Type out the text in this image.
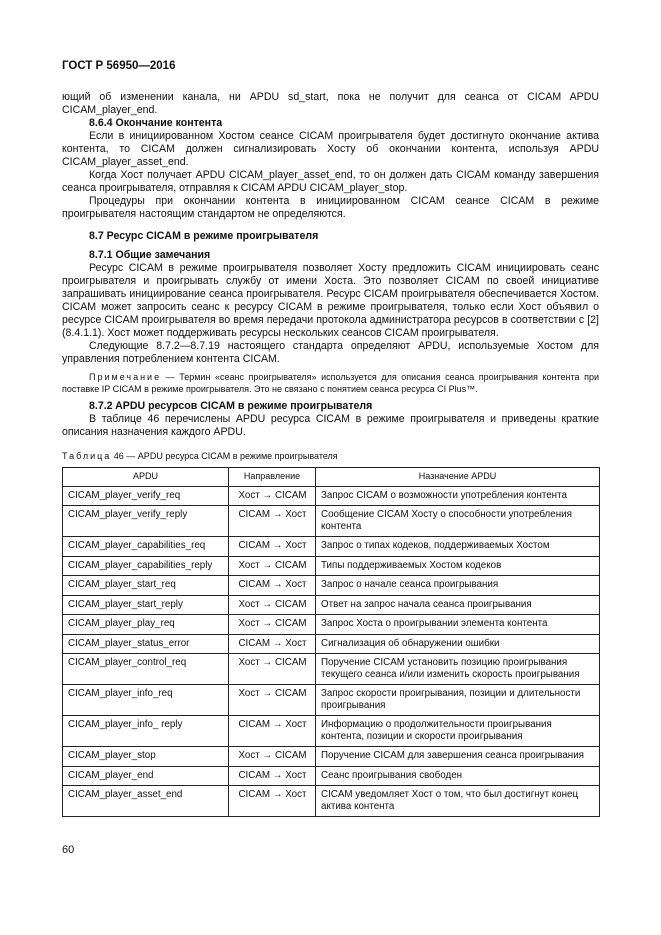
ГОСТ Р 56950—2016

ющий об изменении канала, ни APDU sd_start, пока не получит для сеанса от CICAM APDU CICAM_player_end.

8.6.4 Окончание контента

Если в инициированном Хостом сеансе CICAM проигрывателя будет достигнуто окончание актива контента, то CICAM должен сигнализировать Хосту об окончании контента, используя APDU CICAM_player_asset_end.

Когда Хост получает APDU CICAM_player_asset_end, то он должен дать CICAM команду завершения сеанса проигрывателя, отправляя к CICAM APDU CICAM_player_stop.

Процедуры при окончании контента в инициированном CICAM сеансе CICAM в режиме проигрывателя настоящим стандартом не определяются.

8.7 Ресурс CICAM в режиме проигрывателя

8.7.1 Общие замечания

Ресурс CICAM в режиме проигрывателя позволяет Хосту предложить CICAM инициировать сеанс проигрывателя и проигрывать службу от имени Хоста. Это позволяет CICAM по своей инициативе запрашивать инициирование сеанса проигрывателя. Ресурс CICAM проигрывателя обеспечивается Хостом. CICAM может запросить сеанс к ресурсу CICAM в режиме проигрывателя, только если Хост объявил о ресурсе CICAM проигрывателя во время передачи протокола администратора ресурсов в соответствии с [2] (8.4.1.1). Хост может поддерживать ресурсы нескольких сеансов CICAM проигрывателя.

Следующие 8.7.2—8.7.19 настоящего стандарта определяют APDU, используемые Хостом для управления потреблением контента CICAM.

Примечание — Термин «сеанс проигрывателя» используется для описания сеанса проигрывания контента при поставке IP CICAM в режиме проигрывателя. Это не связано с понятием сеанса ресурса CI Plus™.

8.7.2 APDU ресурсов CICAM в режиме проигрывателя

В таблице 46 перечислены APDU ресурса CICAM в режиме проигрывателя и приведены краткие описания назначения каждого APDU.

Таблица 46 — APDU ресурса CICAM в режиме проигрывателя

APDU	Направление	Назначение APDU
CICAM_player_verify_req	Хост → CICAM	Запрос CICAM о возможности употребления контента
CICAM_player_verify_reply	CICAM → Хост	Сообщение CICAM Хосту о способности употребления контента
CICAM_player_capabilities_req	CICAM → Хост	Запрос о типах кодеков, поддерживаемых Хостом
CICAM_player_capabilities_reply	Хост → CICAM	Типы поддерживаемых Хостом кодеков
CICAM_player_start_req	CICAM → Хост	Запрос о начале сеанса проигрывания
CICAM_player_start_reply	Хост → CICAM	Ответ на запрос начала сеанса проигрывания
CICAM_player_play_req	Хост → CICAM	Запрос Хоста о проигрывании элемента контента
CICAM_player_status_error	CICAM → Хост	Сигнализация об обнаружении ошибки
CICAM_player_control_req	Хост → CICAM	Поручение CICAM установить позицию проигрывания текущего сеанса и/или изменить скорость проигрывания
CICAM_player_info_req	Хост → CICAM	Запрос скорости проигрывания, позиции и длительности проигрывания
CICAM_player_info_ reply	CICAM → Хост	Информацию о продолжительности проигрывания контента, позиции и скорости проигрывания
CICAM_player_stop	Хост → CICAM	Поручение CICAM для завершения сеанса проигрывания
CICAM_player_end	CICAM → Хост	Сеанс проигрывания свободен
CICAM_player_asset_end	CICAM → Хост	CICAM уведомляет Хост о том, что был достигнут конец актива контента
60
